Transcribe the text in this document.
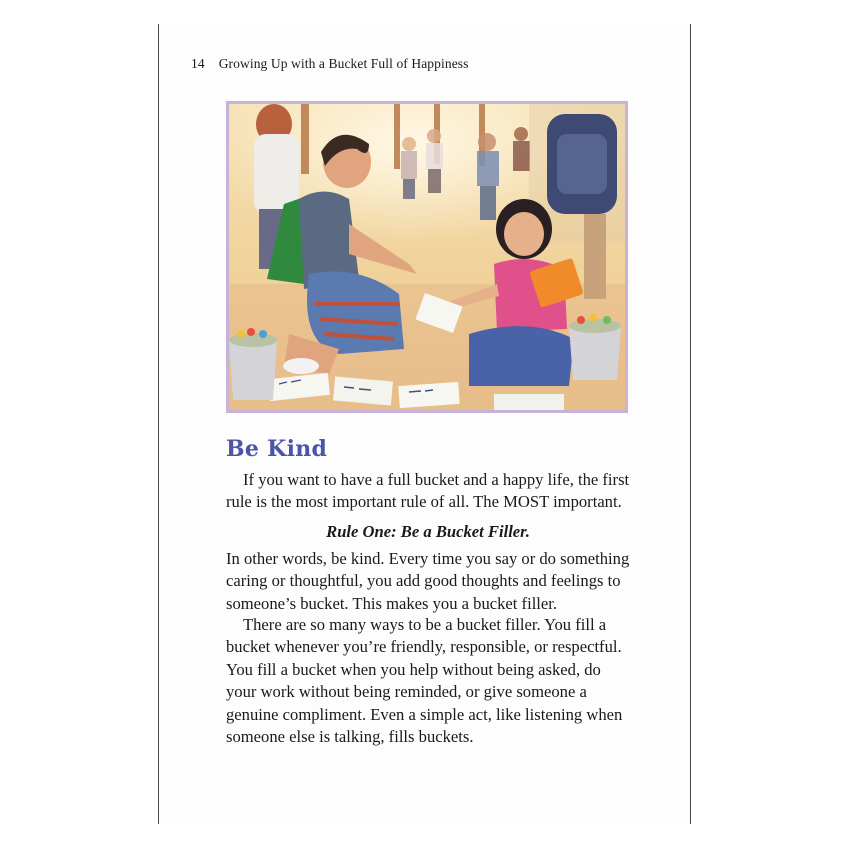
14 Growing Up with a Bucket Full of Happiness
Be Kind

If you want to have a full bucket and a happy life, the first rule is the most important rule of all. The MOST important.

Rule One: Be a Bucket Filler.

In other words, be kind. Every time you say or do something caring or thoughtful, you add good thoughts and feelings to someone’s bucket. This makes you a bucket filler.

There are so many ways to be a bucket filler. You fill a bucket whenever you’re friendly, responsible, or respectful. You fill a bucket when you help without being asked, do your work without being reminded, or give someone a genuine compliment. Even a simple act, like listening when someone else is talking, fills buckets.
